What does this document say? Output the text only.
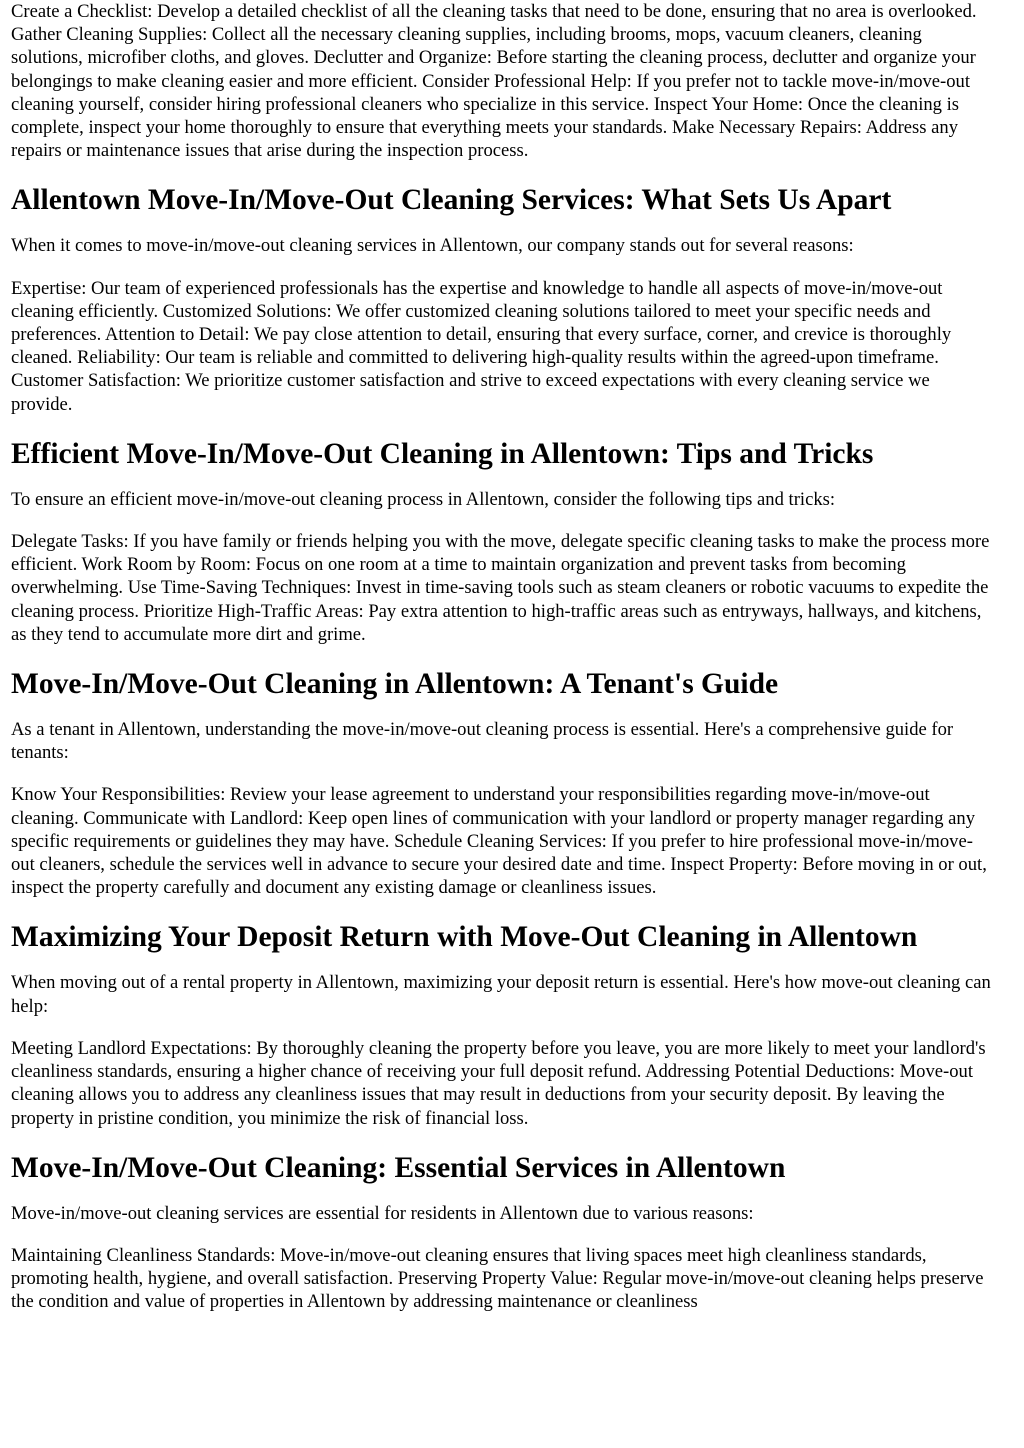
Create a Checklist: Develop a detailed checklist of all the cleaning tasks that need to be done, ensuring that no area is overlooked. Gather Cleaning Supplies: Collect all the necessary cleaning supplies, including brooms, mops, vacuum cleaners, cleaning solutions, microfiber cloths, and gloves. Declutter and Organize: Before starting the cleaning process, declutter and organize your belongings to make cleaning easier and more efficient. Consider Professional Help: If you prefer not to tackle move-in/move-out cleaning yourself, consider hiring professional cleaners who specialize in this service. Inspect Your Home: Once the cleaning is complete, inspect your home thoroughly to ensure that everything meets your standards. Make Necessary Repairs: Address any repairs or maintenance issues that arise during the inspection process.

Allentown Move-In/Move-Out Cleaning Services: What Sets Us Apart

When it comes to move-in/move-out cleaning services in Allentown, our company stands out for several reasons:

Expertise: Our team of experienced professionals has the expertise and knowledge to handle all aspects of move-in/move-out cleaning efficiently. Customized Solutions: We offer customized cleaning solutions tailored to meet your specific needs and preferences. Attention to Detail: We pay close attention to detail, ensuring that every surface, corner, and crevice is thoroughly cleaned. Reliability: Our team is reliable and committed to delivering high-quality results within the agreed-upon timeframe. Customer Satisfaction: We prioritize customer satisfaction and strive to exceed expectations with every cleaning service we provide.

Efficient Move-In/Move-Out Cleaning in Allentown: Tips and Tricks

To ensure an efficient move-in/move-out cleaning process in Allentown, consider the following tips and tricks:

Delegate Tasks: If you have family or friends helping you with the move, delegate specific cleaning tasks to make the process more efficient. Work Room by Room: Focus on one room at a time to maintain organization and prevent tasks from becoming overwhelming. Use Time-Saving Techniques: Invest in time-saving tools such as steam cleaners or robotic vacuums to expedite the cleaning process. Prioritize High-Traffic Areas: Pay extra attention to high-traffic areas such as entryways, hallways, and kitchens, as they tend to accumulate more dirt and grime.

Move-In/Move-Out Cleaning in Allentown: A Tenant's Guide

As a tenant in Allentown, understanding the move-in/move-out cleaning process is essential. Here's a comprehensive guide for tenants:

Know Your Responsibilities: Review your lease agreement to understand your responsibilities regarding move-in/move-out cleaning. Communicate with Landlord: Keep open lines of communication with your landlord or property manager regarding any specific requirements or guidelines they may have. Schedule Cleaning Services: If you prefer to hire professional move-in/move-out cleaners, schedule the services well in advance to secure your desired date and time. Inspect Property: Before moving in or out, inspect the property carefully and document any existing damage or cleanliness issues.

Maximizing Your Deposit Return with Move-Out Cleaning in Allentown

When moving out of a rental property in Allentown, maximizing your deposit return is essential. Here's how move-out cleaning can help:

Meeting Landlord Expectations: By thoroughly cleaning the property before you leave, you are more likely to meet your landlord's cleanliness standards, ensuring a higher chance of receiving your full deposit refund. Addressing Potential Deductions: Move-out cleaning allows you to address any cleanliness issues that may result in deductions from your security deposit. By leaving the property in pristine condition, you minimize the risk of financial loss.

Move-In/Move-Out Cleaning: Essential Services in Allentown

Move-in/move-out cleaning services are essential for residents in Allentown due to various reasons:

Maintaining Cleanliness Standards: Move-in/move-out cleaning ensures that living spaces meet high cleanliness standards, promoting health, hygiene, and overall satisfaction. Preserving Property Value: Regular move-in/move-out cleaning helps preserve the condition and value of properties in Allentown by addressing maintenance or cleanliness
